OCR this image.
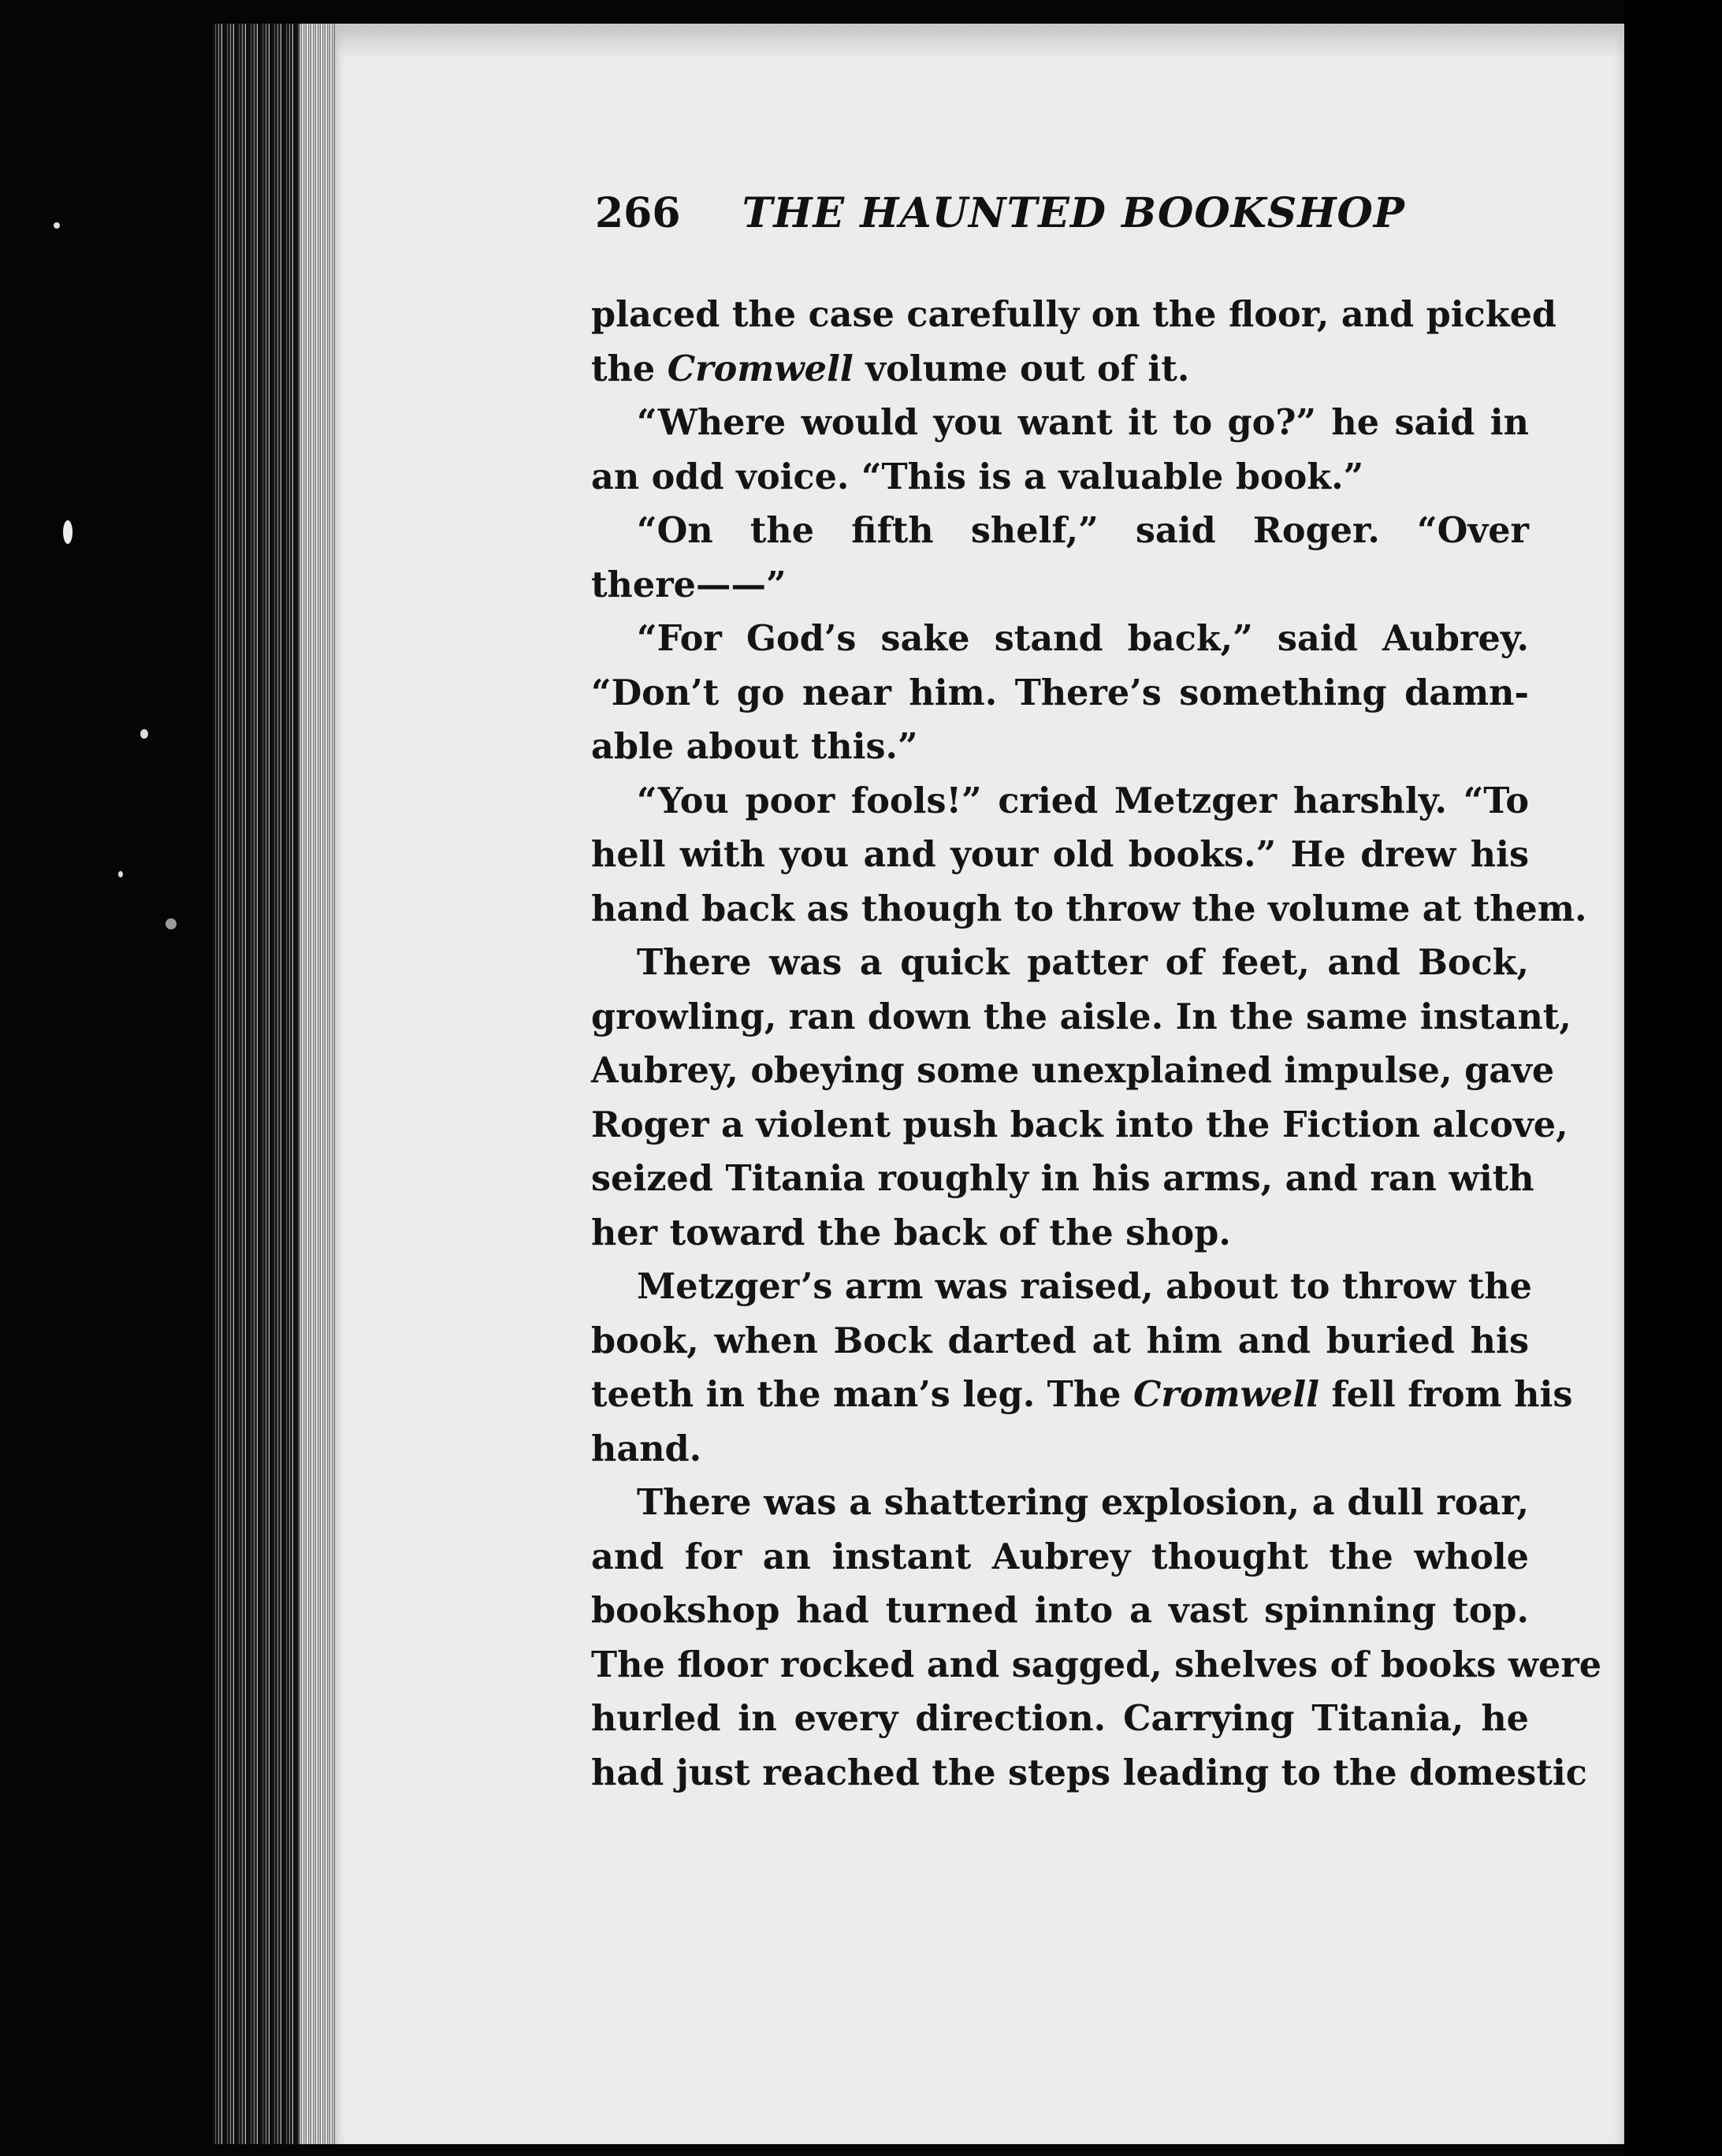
266 THE HAUNTED BOOKSHOP
placed the case carefully on the floor, and picked
the Cromwell volume out of it.
“Where would you want it to go?” he said in
an odd voice. “This is a valuable book.”
“On the fifth shelf,” said Roger. “Over
there——”
“For God’s sake stand back,” said Aubrey.
“Don’t go near him. There’s something damn-
able about this.”
“You poor fools!” cried Metzger harshly. “To
hell with you and your old books.” He drew his
hand back as though to throw the volume at them.
There was a quick patter of feet, and Bock,
growling, ran down the aisle. In the same instant,
Aubrey, obeying some unexplained impulse, gave
Roger a violent push back into the Fiction alcove,
seized Titania roughly in his arms, and ran with
her toward the back of the shop.
Metzger’s arm was raised, about to throw the
book, when Bock darted at him and buried his
teeth in the man’s leg. The Cromwell fell from his
hand.
There was a shattering explosion, a dull roar,
and for an instant Aubrey thought the whole
bookshop had turned into a vast spinning top.
The floor rocked and sagged, shelves of books were
hurled in every direction. Carrying Titania, he
had just reached the steps leading to the domestic
